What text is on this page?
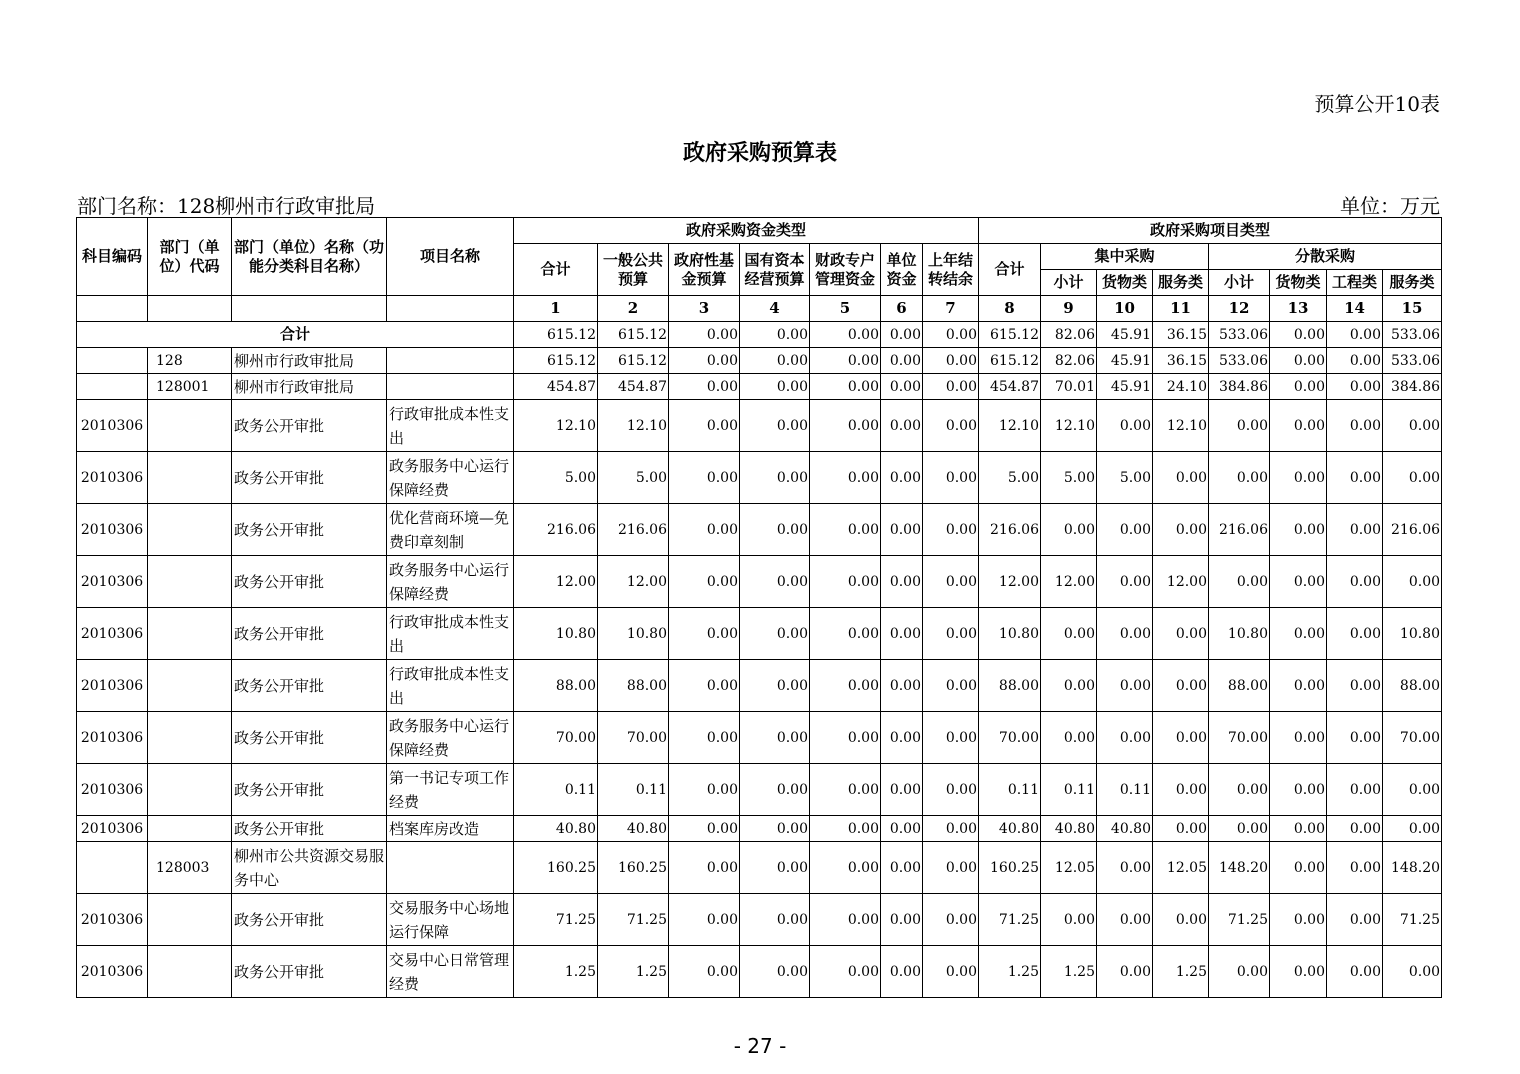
预算公开10表
政府采购预算表
部门名称：128柳州市行政审批局	单位：万元
科目编码	部门（单位）代码	部门（单位）名称（功能分类科目名称）	项目名称	政府采购资金类型							政府采购项目类型							
				合计	一般公共预算	政府性基金预算	国有资本经营预算	财政专户管理资金	单位资金	上年结转结余	合计	集中采购			分散采购			
												小计	货物类	服务类	小计	货物类	工程类	服务类
				1	2	3	4	5	6	7	8	9	10	11	12	13	14	15
合计				615.12	615.12	0.00	0.00	0.00	0.00	0.00	615.12	82.06	45.91	36.15	533.06	0.00	0.00	533.06
	128	柳州市行政审批局		615.12	615.12	0.00	0.00	0.00	0.00	0.00	615.12	82.06	45.91	36.15	533.06	0.00	0.00	533.06
	128001	柳州市行政审批局		454.87	454.87	0.00	0.00	0.00	0.00	0.00	454.87	70.01	45.91	24.10	384.86	0.00	0.00	384.86
2010306		政务公开审批	行政审批成本性支出	12.10	12.10	0.00	0.00	0.00	0.00	0.00	12.10	12.10	0.00	12.10	0.00	0.00	0.00	0.00
2010306		政务公开审批	政务服务中心运行保障经费	5.00	5.00	0.00	0.00	0.00	0.00	0.00	5.00	5.00	5.00	0.00	0.00	0.00	0.00	0.00
2010306		政务公开审批	优化营商环境—免费印章刻制	216.06	216.06	0.00	0.00	0.00	0.00	0.00	216.06	0.00	0.00	0.00	216.06	0.00	0.00	216.06
2010306		政务公开审批	政务服务中心运行保障经费	12.00	12.00	0.00	0.00	0.00	0.00	0.00	12.00	12.00	0.00	12.00	0.00	0.00	0.00	0.00
2010306		政务公开审批	行政审批成本性支出	10.80	10.80	0.00	0.00	0.00	0.00	0.00	10.80	0.00	0.00	0.00	10.80	0.00	0.00	10.80
2010306		政务公开审批	行政审批成本性支出	88.00	88.00	0.00	0.00	0.00	0.00	0.00	88.00	0.00	0.00	0.00	88.00	0.00	0.00	88.00
2010306		政务公开审批	政务服务中心运行保障经费	70.00	70.00	0.00	0.00	0.00	0.00	0.00	70.00	0.00	0.00	0.00	70.00	0.00	0.00	70.00
2010306		政务公开审批	第一书记专项工作经费	0.11	0.11	0.00	0.00	0.00	0.00	0.00	0.11	0.11	0.11	0.00	0.00	0.00	0.00	0.00
2010306		政务公开审批	档案库房改造	40.80	40.80	0.00	0.00	0.00	0.00	0.00	40.80	40.80	40.80	0.00	0.00	0.00	0.00	0.00
	128003	柳州市公共资源交易服务中心		160.25	160.25	0.00	0.00	0.00	0.00	0.00	160.25	12.05	0.00	12.05	148.20	0.00	0.00	148.20
2010306		政务公开审批	交易服务中心场地运行保障	71.25	71.25	0.00	0.00	0.00	0.00	0.00	71.25	0.00	0.00	0.00	71.25	0.00	0.00	71.25
2010306		政务公开审批	交易中心日常管理经费	1.25	1.25	0.00	0.00	0.00	0.00	0.00	1.25	1.25	0.00	1.25	0.00	0.00	0.00	0.00
- 27 -
